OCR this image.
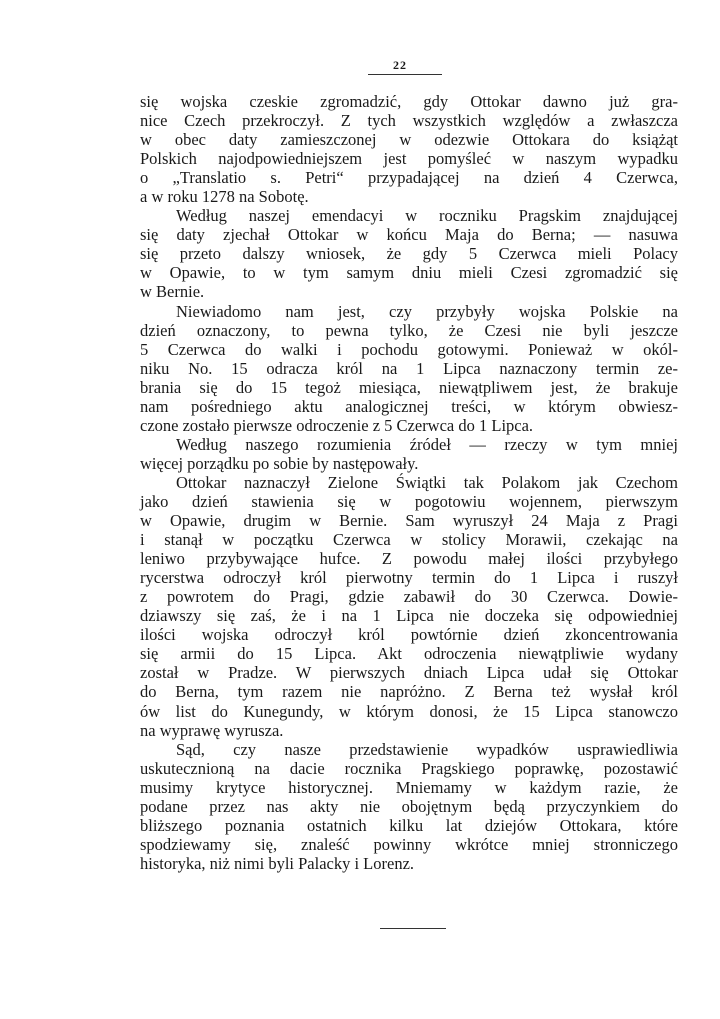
22
się wojska czeskie zgromadzić, gdy Ottokar dawno już gra-
nice Czech przekroczył. Z tych wszystkich względów a zwłaszcza
w obec daty zamieszczonej w odezwie Ottokara do książąt
Polskich najodpowiedniejszem jest pomyśleć w naszym wypadku
o „Translatio s. Petri“ przypadającej na dzień 4 Czerwca,
a w roku 1278 na Sobotę.
Według naszej emendacyi w roczniku Pragskim znajdującej
się daty zjechał Ottokar w końcu Maja do Berna; — nasuwa
się przeto dalszy wniosek, że gdy 5 Czerwca mieli Polacy
w Opawie, to w tym samym dniu mieli Czesi zgromadzić się
w Bernie.
Niewiadomo nam jest, czy przybyły wojska Polskie na
dzień oznaczony, to pewna tylko, że Czesi nie byli jeszcze
5 Czerwca do walki i pochodu gotowymi. Ponieważ w okól-
niku No. 15 odracza król na 1 Lipca naznaczony termin ze-
brania się do 15 tegoż miesiąca, niewątpliwem jest, że brakuje
nam pośredniego aktu analogicznej treści, w którym obwiesz-
czone zostało pierwsze odroczenie z 5 Czerwca do 1 Lipca.
Według naszego rozumienia źródeł — rzeczy w tym mniej
więcej porządku po sobie by następowały.
Ottokar naznaczył Zielone Świątki tak Polakom jak Czechom
jako dzień stawienia się w pogotowiu wojennem, pierwszym
w Opawie, drugim w Bernie. Sam wyruszył 24 Maja z Pragi
i stanął w początku Czerwca w stolicy Morawii, czekając na
leniwo przybywające hufce. Z powodu małej ilości przybyłego
rycerstwa odroczył król pierwotny termin do 1 Lipca i ruszył
z powrotem do Pragi, gdzie zabawił do 30 Czerwca. Dowie-
dziawszy się zaś, że i na 1 Lipca nie doczeka się odpowiedniej
ilości wojska odroczył król powtórnie dzień zkoncentrowania
się armii do 15 Lipca. Akt odroczenia niewątpliwie wydany
został w Pradze. W pierwszych dniach Lipca udał się Ottokar
do Berna, tym razem nie napróżno. Z Berna też wysłał król
ów list do Kunegundy, w którym donosi, że 15 Lipca stanowczo
na wyprawę wyrusza.
Sąd, czy nasze przedstawienie wypadków usprawiedliwia
uskutecznioną na dacie rocznika Pragskiego poprawkę, pozostawić
musimy krytyce historycznej. Mniemamy w każdym razie, że
podane przez nas akty nie obojętnym będą przyczynkiem do
bliższego poznania ostatnich kilku lat dziejów Ottokara, które
spodziewamy się, znaleść powinny wkrótce mniej stronniczego
historyka, niż nimi byli Palacky i Lorenz.
